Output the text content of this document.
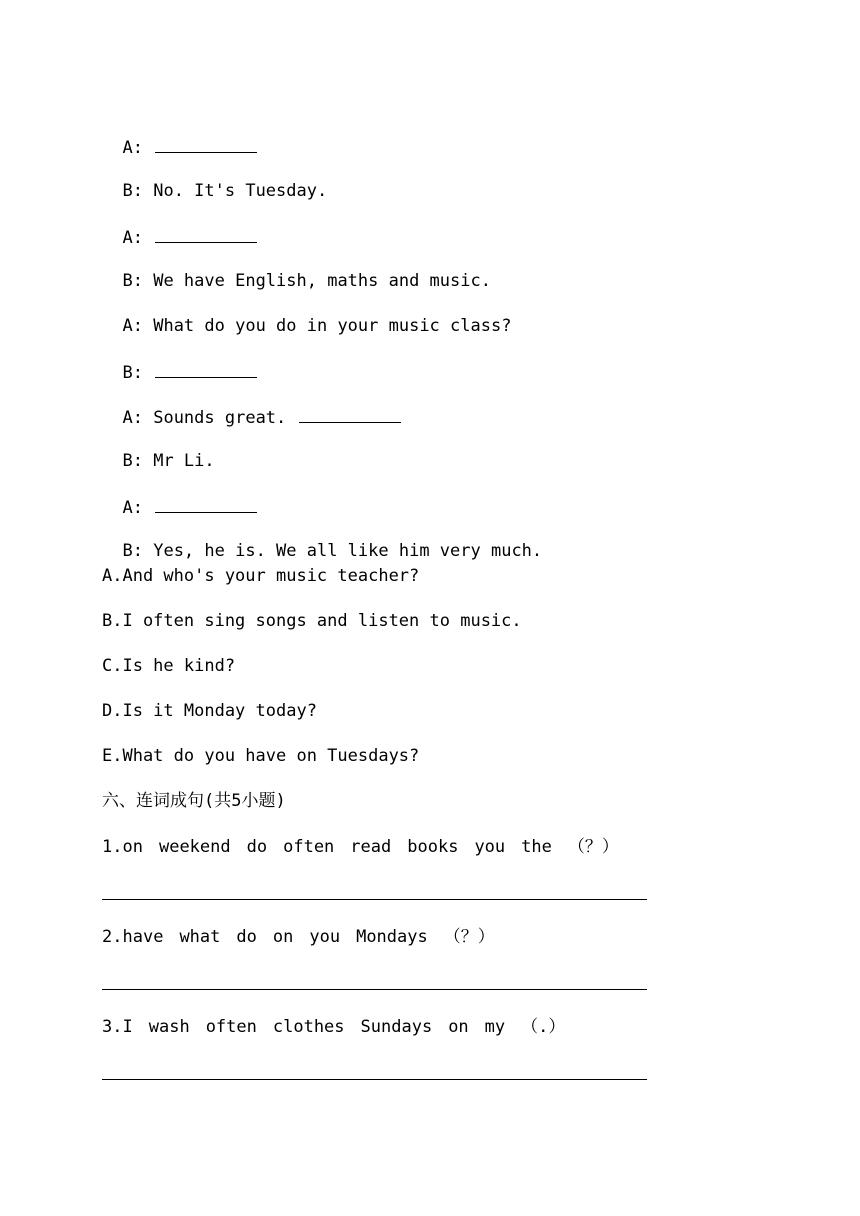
A:

B: No. It's Tuesday.

A:

B: We have English, maths and music.

A: What do you do in your music class?

B:

A: Sounds great.

B: Mr Li.

A:

B: Yes, he is. We all like him very much.

A.And who's your music teacher?
B.I often sing songs and listen to music.
C.Is he kind?
D.Is it Monday today?
E.What do you have on Tuesdays?
六、连词成句(共5小题)
1.on weekend do often read books you the （？）
2.have what do on you Mondays （？）
3.I wash often clothes Sundays on my （.）
